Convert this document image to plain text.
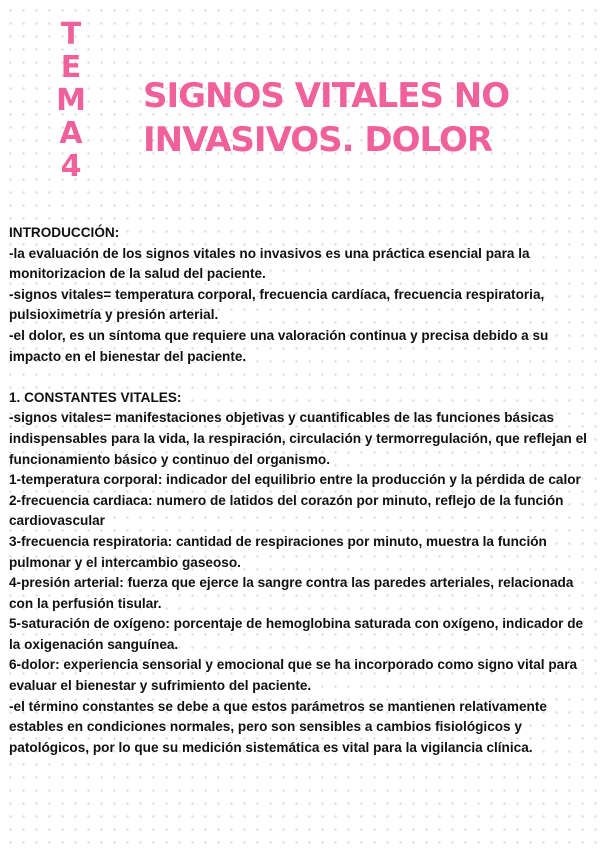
T
E
M
A
4
SIGNOS VITALES NO
INVASIVOS. DOLOR

INTRODUCCIÓN:

-la evaluación de los signos vitales no invasivos es una práctica esencial para la monitorizacion de la salud del paciente.

-signos vitales= temperatura corporal, frecuencia cardíaca, frecuencia respiratoria, pulsioximetría y presión arterial.

-el dolor, es un síntoma que requiere una valoración continua y precisa debido a su impacto en el bienestar del paciente.

1. CONSTANTES VITALES:

-signos vitales= manifestaciones objetivas y cuantificables de las funciones básicas indispensables para la vida, la respiración, circulación y termorregulación, que reflejan el funcionamiento básico y continuo del organismo.

1-temperatura corporal: indicador del equilibrio entre la producción y la pérdida de calor

2-frecuencia cardiaca: numero de latidos del corazón por minuto, reflejo de la función cardiovascular

3-frecuencia respiratoria: cantidad de respiraciones por minuto, muestra la función pulmonar y el intercambio gaseoso.

4-presión arterial: fuerza que ejerce la sangre contra las paredes arteriales, relacionada con la perfusión tisular.

5-saturación de oxígeno: porcentaje de hemoglobina saturada con oxígeno, indicador de la oxigenación sanguínea.

6-dolor: experiencia sensorial y emocional que se ha incorporado como signo vital para evaluar el bienestar y sufrimiento del paciente.

-el término constantes se debe a que estos parámetros se mantienen relativamente estables en condiciones normales, pero son sensibles a cambios fisiológicos y patológicos, por lo que su medición sistemática es vital para la vigilancia clínica.
